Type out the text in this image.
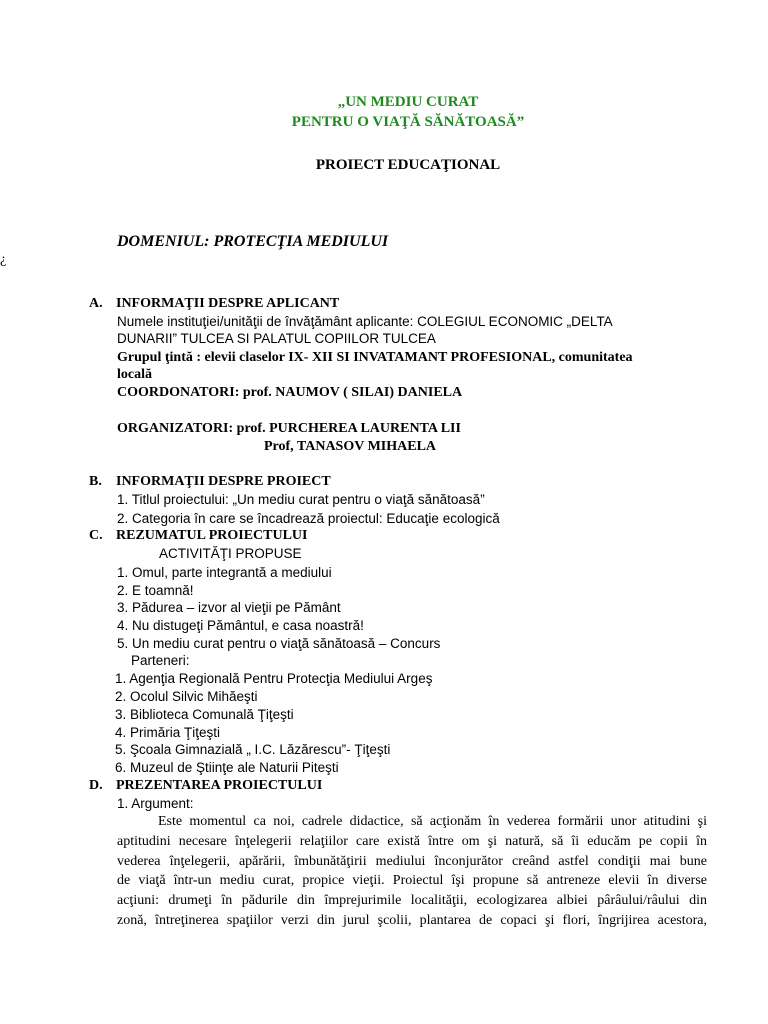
„UN MEDIU CURAT
PENTRU O VIAŢĂ SĂNĂTOASĂ”
PROIECT EDUCAŢIONAL
DOMENIUL: PROTECŢIA MEDIULUI
¿
A. INFORMAŢII DESPRE APLICANT
Numele instituţiei/unităţii de învăţământ aplicante: COLEGIUL ECONOMIC „DELTA
DUNARII” TULCEA SI PALATUL COPIILOR TULCEA
Grupul ţintă : elevii claselor IX- XII SI INVATAMANT PROFESIONAL, comunitatea
locală
COORDONATORI: prof. NAUMOV ( SILAI) DANIELA
ORGANIZATORI: prof. PURCHEREA LAURENTA LII
Prof, TANASOV MIHAELA
B. INFORMAŢII DESPRE PROIECT
1. Titlul proiectului: „Un mediu curat pentru o viaţă sănătoasă”
2. Categoria în care se încadrează proiectul: Educaţie ecologică
C. REZUMATUL PROIECTULUI
ACTIVITĂŢI PROPUSE
1. Omul, parte integrantă a mediului
2. E toamnă!
3. Pădurea – izvor al vieţii pe Pământ
4. Nu distugeţi Pământul, e casa noastră!
5. Un mediu curat pentru o viaţă sănătoasă – Concurs
Parteneri:
1. Agenţia Regională Pentru Protecţia Mediului Argeş
2. Ocolul Silvic Mihăeşti
3. Biblioteca Comunală Ţiţeşti
4. Primăria Ţiţeşti
5. Şcoala Gimnazială „ I.C. Lăzărescu”- Ţiţeşti
6. Muzeul de Ştiinţe ale Naturii Piteşti
D. PREZENTAREA PROIECTULUI
1. Argument:
Este momentul ca noi, cadrele didactice, să acţionăm în vederea formării unor atitudini şi
aptitudini necesare înţelegerii relaţiilor care există între om şi natură, să îi educăm pe copii în
vederea înţelegerii, apărării, îmbunătăţirii mediului înconjurător creând astfel condiţii mai bune
de viaţă într-un mediu curat, propice vieţii. Proiectul îşi propune să antreneze elevii în diverse
acţiuni: drumeţi în pădurile din împrejurimile localităţii, ecologizarea albiei pârâului/râului din
zonă, întreţinerea spaţiilor verzi din jurul şcolii, plantarea de copaci şi flori, îngrijirea acestora,
